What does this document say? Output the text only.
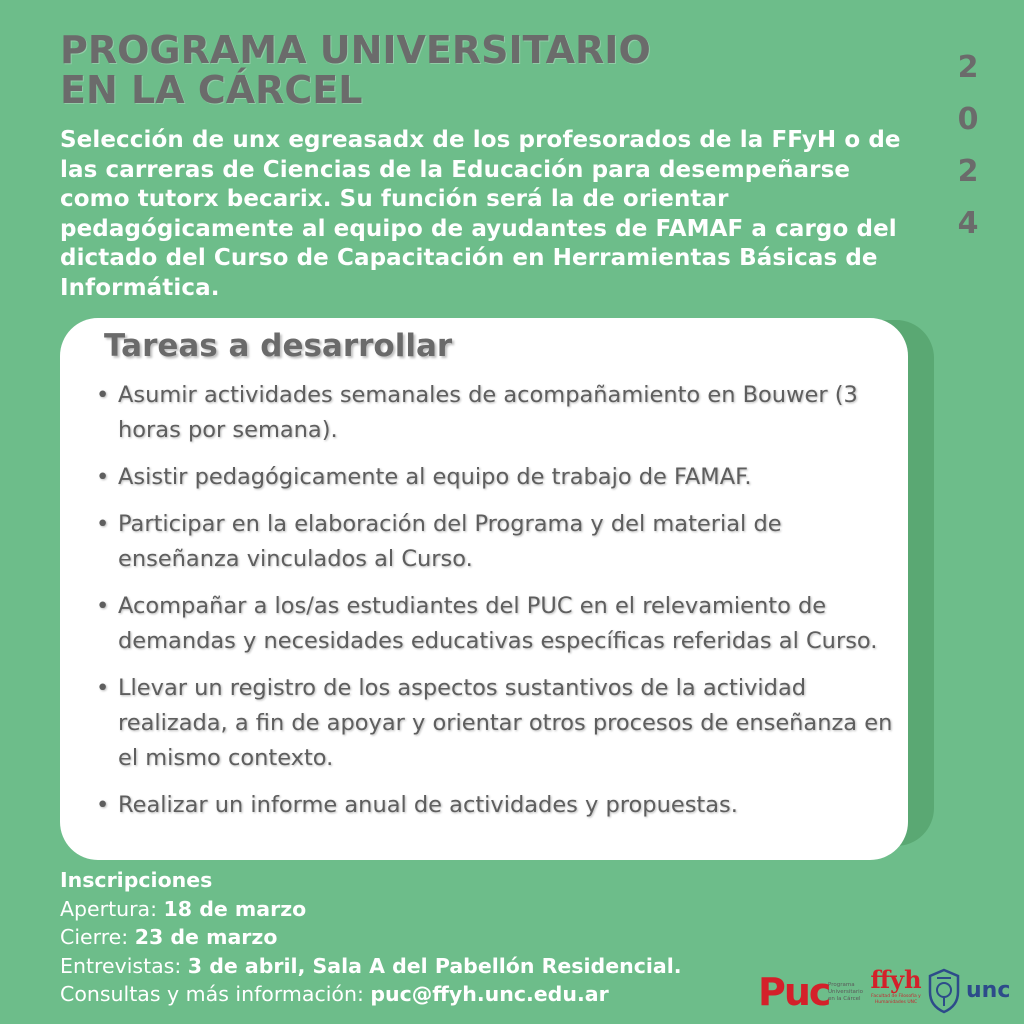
PROGRAMA UNIVERSITARIO
EN LA CÁRCEL
2
0
2
4

Selección de unx egreasadx de los profesorados de la FFyH o de las carreras de Ciencias de la Educación para desempeñarse como tutorx becarix. Su función será la de orientar pedagógicamente al equipo de ayudantes de FAMAF a cargo del dictado del Curso de Capacitación en Herramientas Básicas de Informática.

Tareas a desarrollar
• Asumir actividades semanales de acompañamiento en Bouwer (3 horas por semana).
• Asistir pedagógicamente al equipo de trabajo de FAMAF.
• Participar en la elaboración del Programa y del material de enseñanza vinculados al Curso.
• Acompañar a los/as estudiantes del PUC en el relevamiento de demandas y necesidades educativas específicas referidas al Curso.
• Llevar un registro de los aspectos sustantivos de la actividad realizada, a fin de apoyar y orientar otros procesos de enseñanza en el mismo contexto.
• Realizar un informe anual de actividades y propuestas.
Inscripciones
Apertura: 18 de marzo
Cierre: 23 de marzo
Entrevistas: 3 de abril, Sala A del Pabellón Residencial.
Consultas y más información: puc@ffyh.unc.edu.ar	Puc
Programa Universitario en la Cárcel
ffyh
Facultad de Filosofía y Humanidades UNC	unc
